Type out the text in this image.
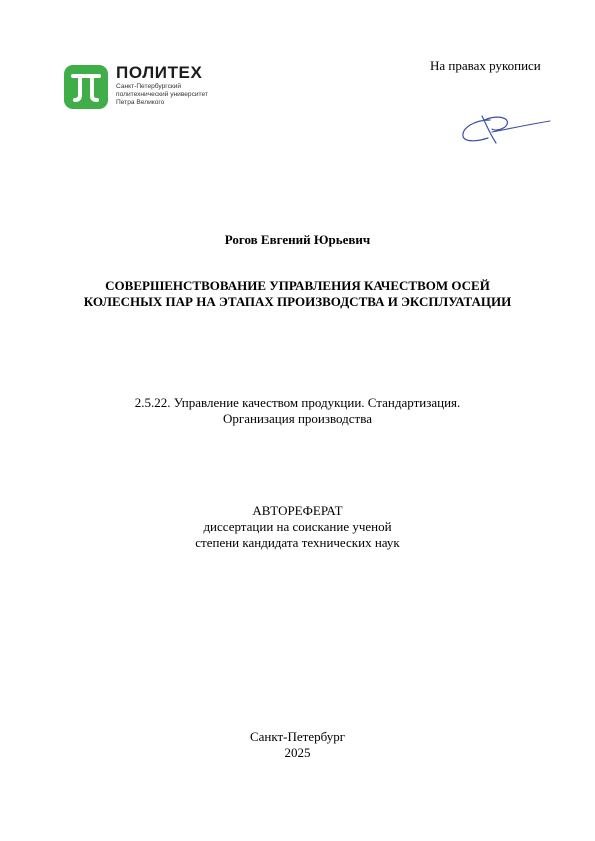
ПОЛИТЕХ
Санкт-Петербургский
политехнический университет
Петра Великого
На правах рукописи
Рогов Евгений Юрьевич
СОВЕРШЕНСТВОВАНИЕ УПРАВЛЕНИЯ КАЧЕСТВОМ ОСЕЙ
КОЛЕСНЫХ ПАР НА ЭТАПАХ ПРОИЗВОДСТВА И ЭКСПЛУАТАЦИИ
2.5.22. Управление качеством продукции. Стандартизация.
Организация производства
АВТОРЕФЕРАТ
диссертации на соискание ученой
степени кандидата технических наук
Санкт-Петербург
2025
